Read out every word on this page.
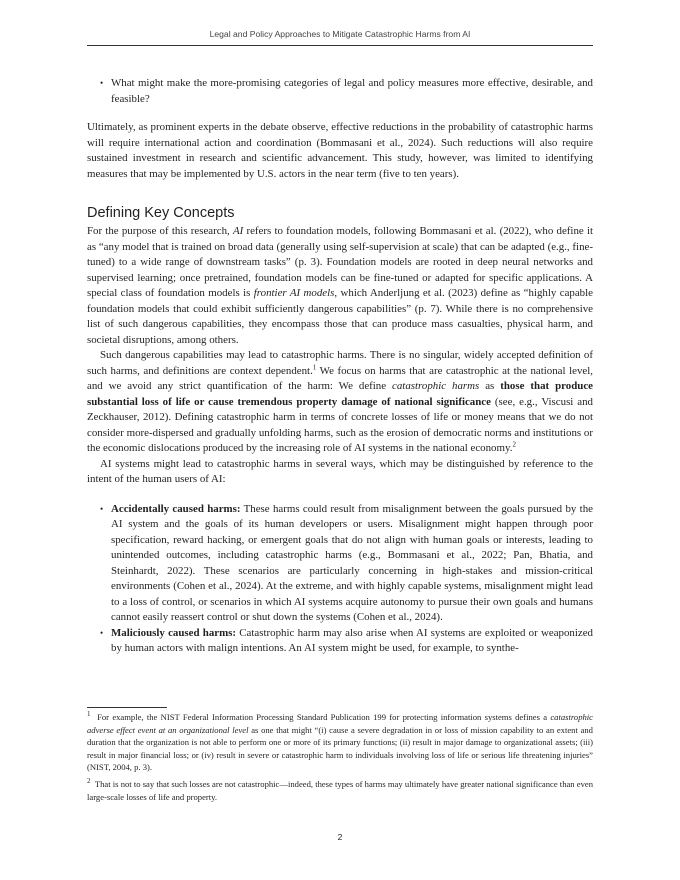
Legal and Policy Approaches to Mitigate Catastrophic Harms from AI
• What might make the more-promising categories of legal and policy measures more effective, desirable, and feasible?
Ultimately, as prominent experts in the debate observe, effective reductions in the probability of catastrophic harms will require international action and coordination (Bommasani et al., 2024). Such reductions will also require sustained investment in research and scientific advancement. This study, however, was limited to identifying measures that may be implemented by U.S. actors in the near term (five to ten years).
Defining Key Concepts

For the purpose of this research, AI refers to foundation models, following Bommasani et al. (2022), who define it as “any model that is trained on broad data (generally using self-supervision at scale) that can be adapted (e.g., fine-tuned) to a wide range of downstream tasks” (p. 3). Foundation models are rooted in deep neural networks and supervised learning; once pretrained, foundation models can be fine-tuned or adapted for specific applications. A special class of foundation models is frontier AI models, which Anderljung et al. (2023) define as “highly capable foundation models that could exhibit sufficiently dangerous capabilities” (p. 7). While there is no comprehensive list of such dangerous capabilities, they encompass those that can produce mass casualties, physical harm, and societal disruptions, among others.

Such dangerous capabilities may lead to catastrophic harms. There is no singular, widely accepted definition of such harms, and definitions are context dependent.$^1$ We focus on harms that are catastrophic at the national level, and we avoid any strict quantification of the harm: We define catastrophic harms as those that produce substantial loss of life or cause tremendous property damage of national significance (see, e.g., Viscusi and Zeckhauser, 2012). Defining catastrophic harm in terms of concrete losses of life or money means that we do not consider more-dispersed and gradually unfolding harms, such as the erosion of democratic norms and institutions or the economic dislocations produced by the increasing role of AI systems in the national economy.$^2$

AI systems might lead to catastrophic harms in several ways, which may be distinguished by reference to the intent of the human users of AI:

• Accidentally caused harms: These harms could result from misalignment between the goals pursued by the AI system and the goals of its human developers or users. Misalignment might happen through poor specification, reward hacking, or emergent goals that do not align with human goals or interests, leading to unintended outcomes, including catastrophic harms (e.g., Bommasani et al., 2022; Pan, Bhatia, and Steinhardt, 2022). These scenarios are particularly concerning in high-stakes and mission-critical environments (Cohen et al., 2024). At the extreme, and with highly capable systems, misalignment might lead to a loss of control, or scenarios in which AI systems acquire autonomy to pursue their own goals and humans cannot easily reassert control or shut down the systems (Cohen et al., 2024).
• Maliciously caused harms: Catastrophic harm may also arise when AI systems are exploited or weaponized by human actors with malign intentions. An AI system might be used, for example, to synthe-
$^1$ For example, the NIST Federal Information Processing Standard Publication 199 for protecting information systems defines a catastrophic adverse effect event at an organizational level as one that might “(i) cause a severe degradation in or loss of mission capability to an extent and duration that the organization is not able to perform one or more of its primary functions; (ii) result in major damage to organizational assets; (iii) result in major financial loss; or (iv) result in severe or catastrophic harm to individuals involving loss of life or serious life threatening injuries” (NIST, 2004, p. 3).
$^2$ That is not to say that such losses are not catastrophic—indeed, these types of harms may ultimately have greater national significance than even large-scale losses of life and property.
2
